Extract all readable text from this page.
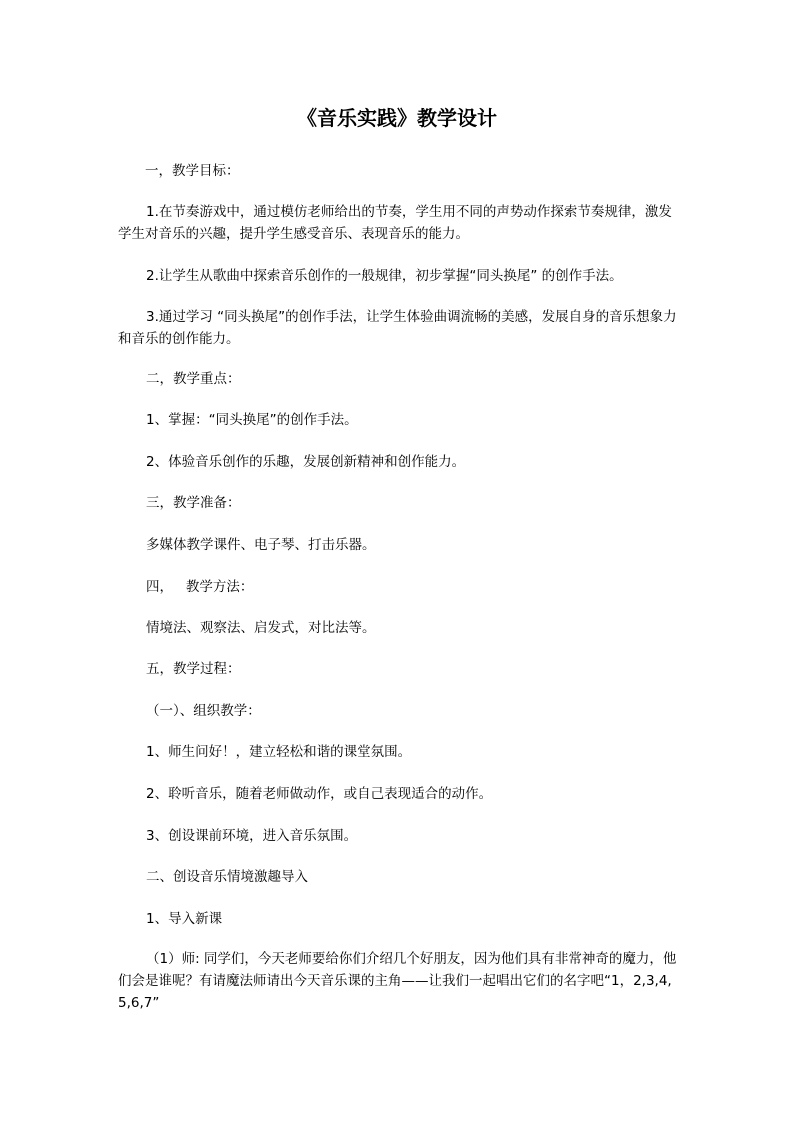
《音乐实践》教学设计

一，教学目标：

1.在节奏游戏中，通过模仿老师给出的节奏，学生用不同的声势动作探索节奏规律，激发学生对音乐的兴趣，提升学生感受音乐、表现音乐的能力。

2.让学生从歌曲中探索音乐创作的一般规律，初步掌握“同头换尾” 的创作手法。

3.通过学习 “同头换尾”的创作手法，让学生体验曲调流畅的美感，发展自身的音乐想象力和音乐的创作能力。

二，教学重点：

1、掌握：“同头换尾”的创作手法。

2、体验音乐创作的乐趣，发展创新精神和创作能力。

三，教学准备：

多媒体教学课件、电子琴、打击乐器。

四，   教学方法：

情境法、观察法、启发式，对比法等。

五，教学过程：

（一）、组织教学：

1、师生问好！，建立轻松和谐的课堂氛围。

2、聆听音乐，随着老师做动作，或自己表现适合的动作。

3、创设课前环境，进入音乐氛围。

二、创设音乐情境激趣导入

1、导入新课

（1）师: 同学们，今天老师要给你们介绍几个好朋友，因为他们具有非常神奇的魔力，他们会是谁呢？有请魔法师请出今天音乐课的主角——让我们一起唱出它们的名字吧“1，2,3,4,5,6,7”
